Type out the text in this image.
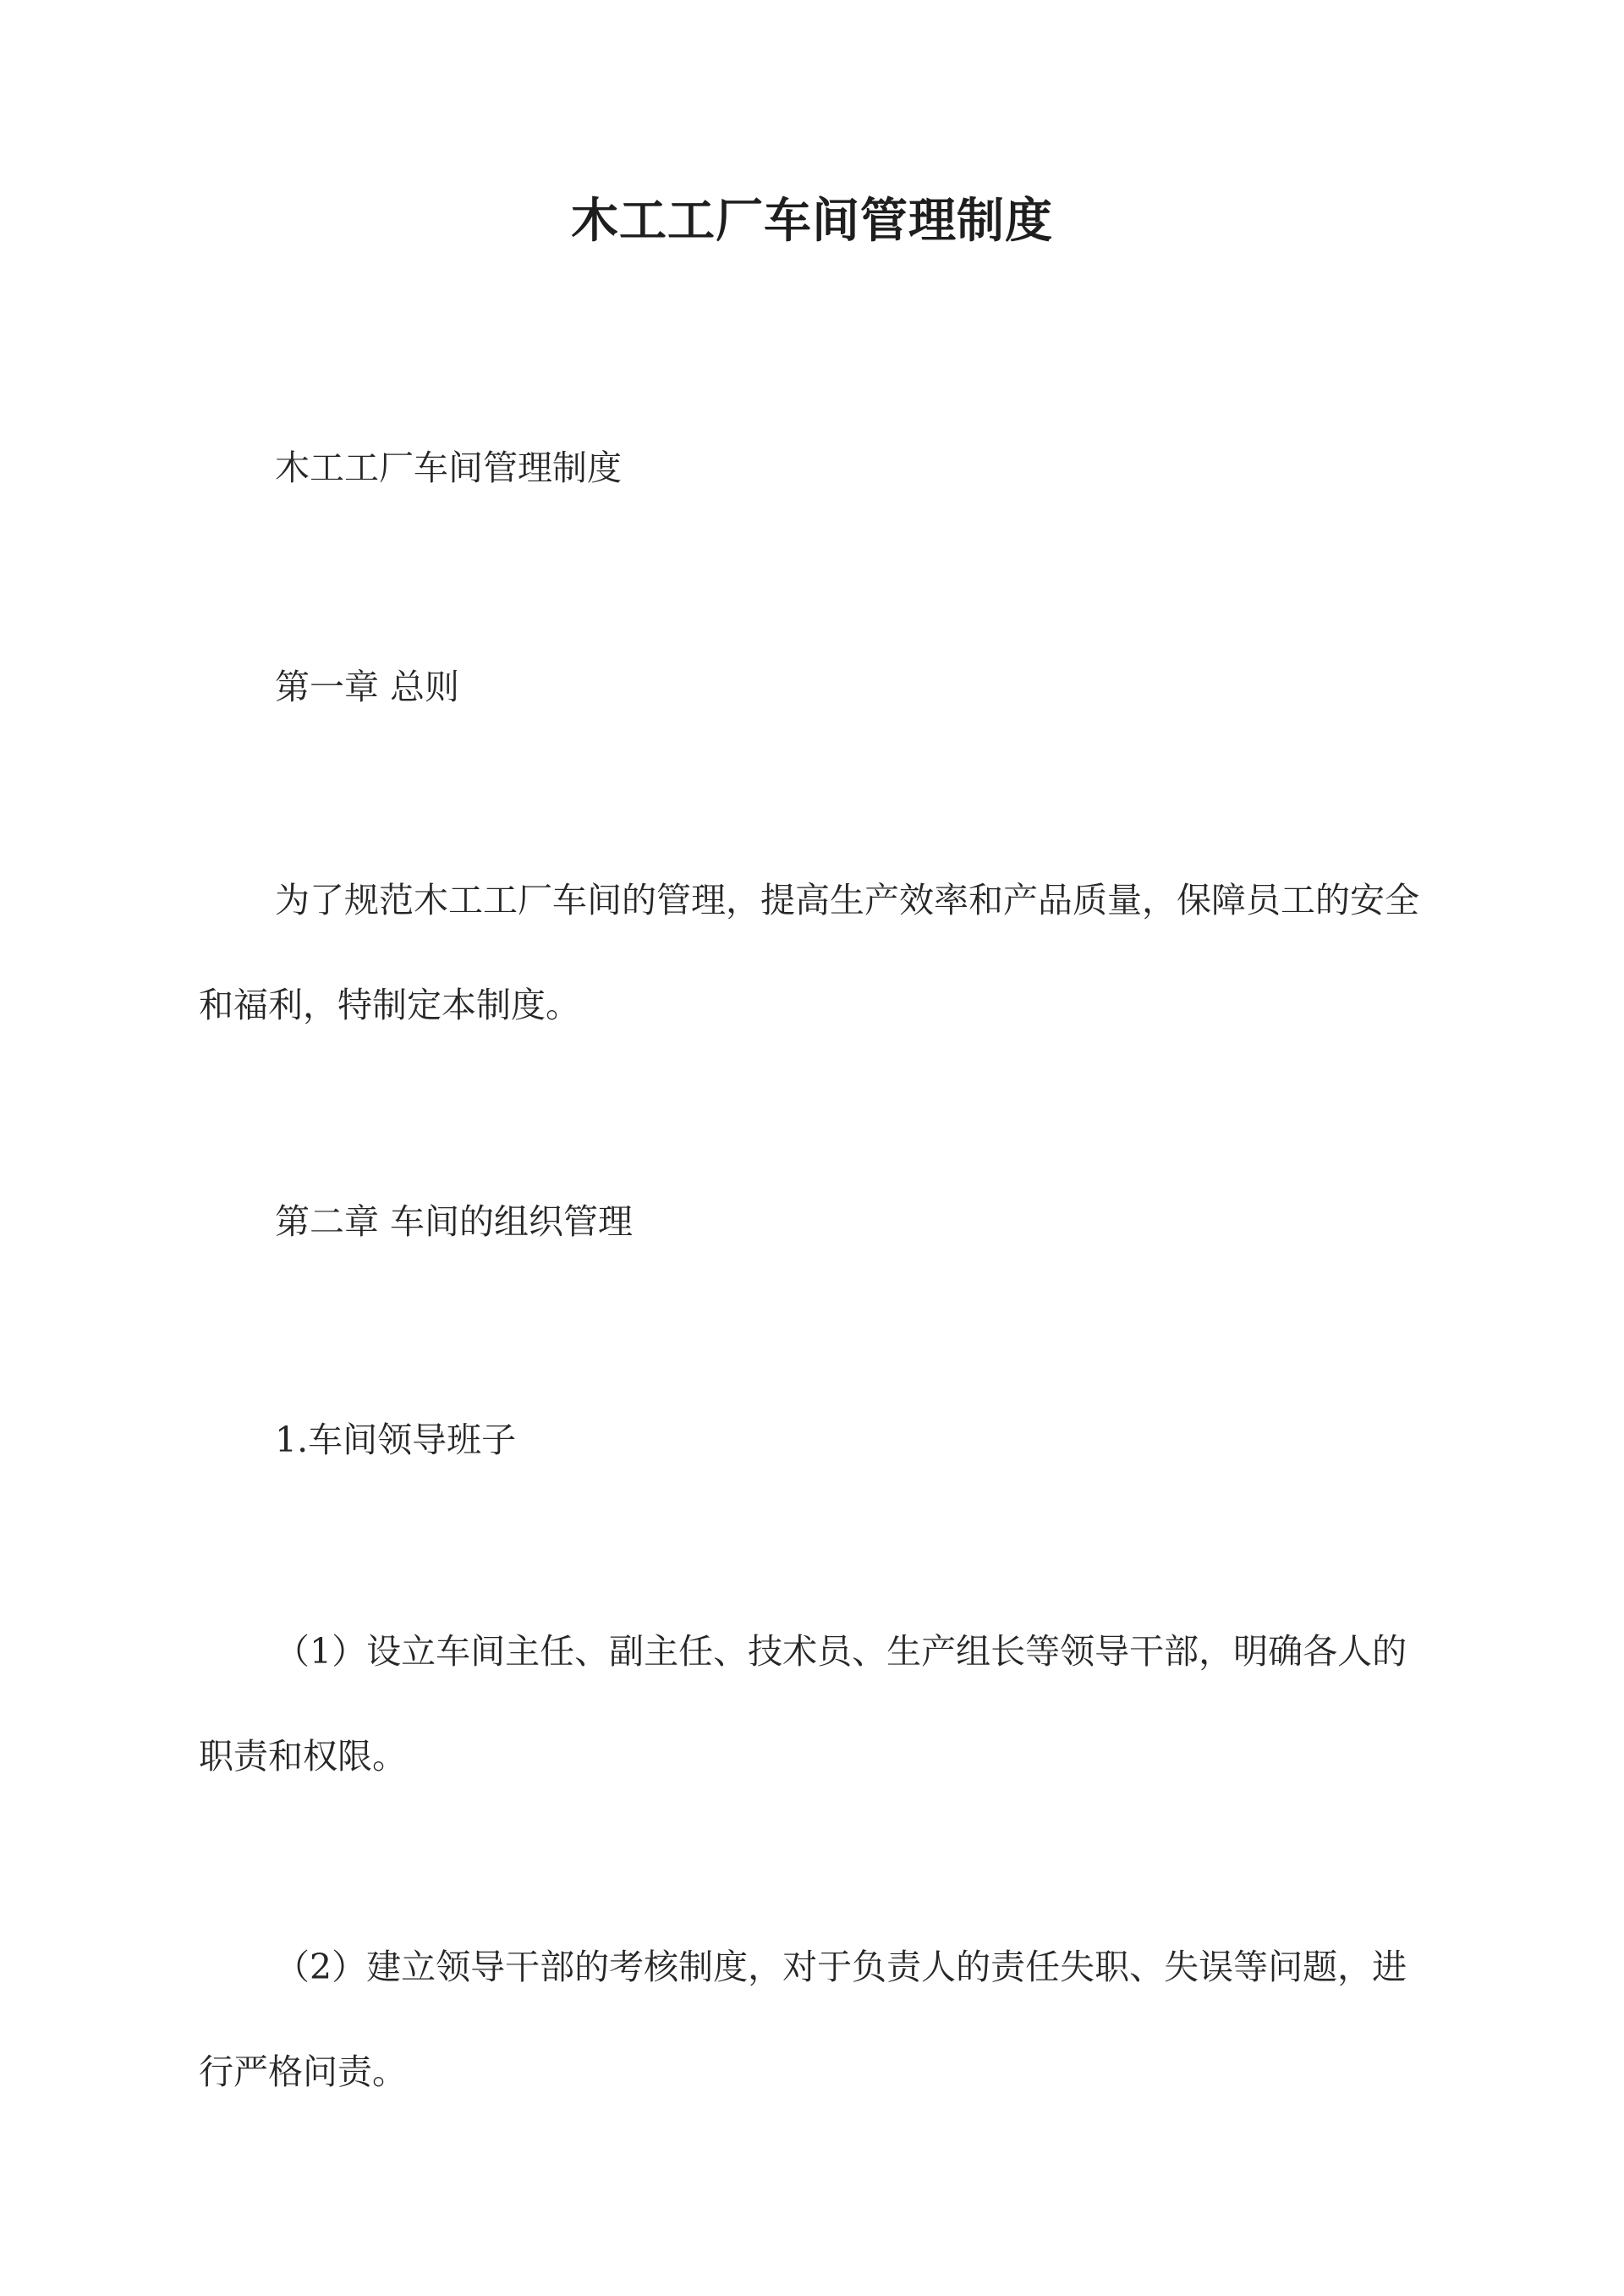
木工工厂车间管理制度
木工工厂车间管理制度
第一章 总则
为了规范木工工厂车间的管理，提高生产效率和产品质量，保障员工的安全和福利，特制定本制度。
第二章 车间的组织管理
1.车间领导班子
（1）设立车间主任、副主任、技术员、生产组长等领导干部，明确各人的职责和权限。
（2）建立领导干部的考核制度，对于负责人的责任失职、失误等问题，进行严格问责。
